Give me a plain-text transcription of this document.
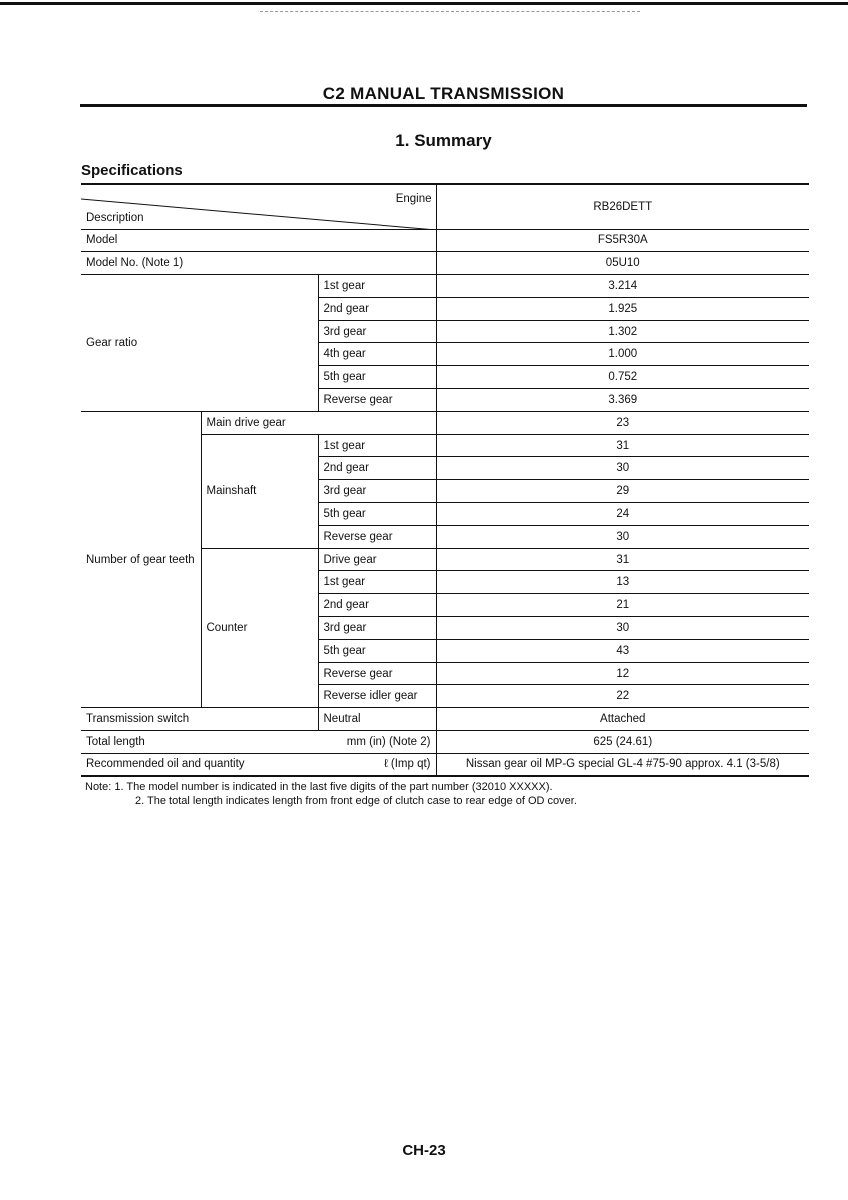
C2 MANUAL TRANSMISSION
1. Summary
Specifications
Engine
Description			RB26DETT
Model			FS5R30A
Model No. (Note 1)			05U10
Gear ratio		1st gear	3.214
		2nd gear	1.925
		3rd gear	1.302
		4th gear	1.000
		5th gear	0.752
		Reverse gear	3.369
Number of gear teeth	Main drive gear		23
	Mainshaft	1st gear	31
		2nd gear	30
		3rd gear	29
		5th gear	24
		Reverse gear	30
	Counter	Drive gear	31
		1st gear	13
		2nd gear	21
		3rd gear	30
		5th gear	43
		Reverse gear	12
		Reverse idler gear	22
Transmission switch		Neutral	Attached
Total length		mm (in) (Note 2)	625 (24.61)
Recommended oil and quantity		ℓ (Imp qt)	Nissan gear oil MP-G special GL-4 #75-90 approx. 4.1 (3-5/8)
Note: 1. The model number is indicated in the last five digits of the part number (32010 XXXXX).
2. The total length indicates length from front edge of clutch case to rear edge of OD cover.
CH-23
